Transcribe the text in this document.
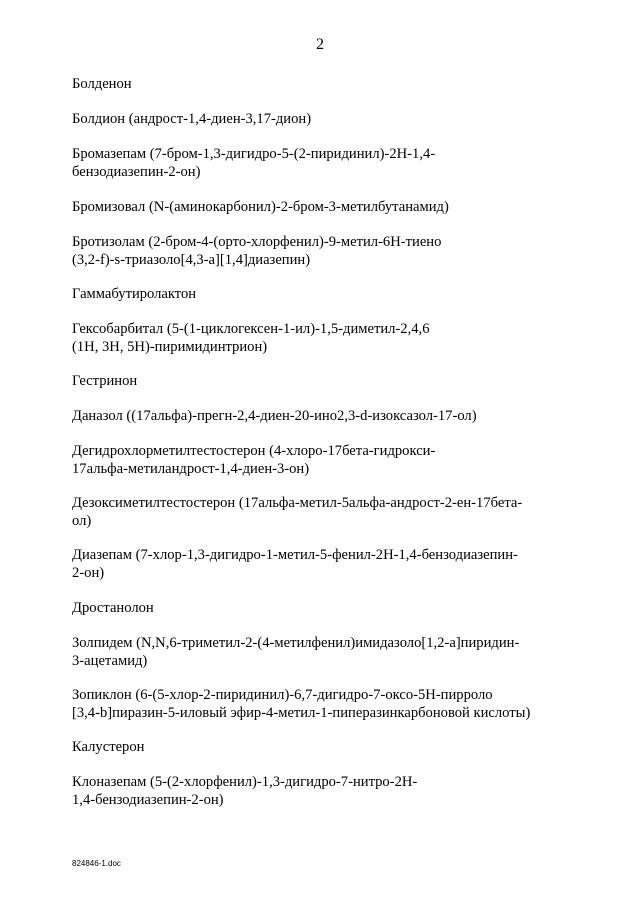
2
Болденон
Болдион (андрост-1,4-диен-3,17-дион)
Бромазепам (7-бром-1,3-дигидро-5-(2-пиридинил)-2H-1,4-
бензодиазепин-2-он)
Бромизовал (N-(аминокарбонил)-2-бром-3-метилбутанамид)
Бротизолам (2-бром-4-(орто-хлорфенил)-9-метил-6Н-тиено
(3,2-f)-s-триазоло[4,3-a][1,4]диазепин)
Гаммабутиролактон
Гексобарбитал (5-(1-циклогексен-1-ил)-1,5-диметил-2,4,6
(1H, 3H, 5H)-пиримидинтрион)
Гестринон
Даназол ((17альфа)-прегн-2,4-диен-20-ино2,3-d-изоксазол-17-ол)
Дегидрохлорметилтестостерон (4-хлоро-17бета-гидрокси-
17альфа-метиландрост-1,4-диен-3-он)
Дезоксиметилтестостерон (17альфа-метил-5альфа-андрост-2-ен-17бета-
ол)
Диазепам (7-хлор-1,3-дигидро-1-метил-5-фенил-2Н-1,4-бензодиазепин-
2-он)
Дростанолон
Золпидем (N,N,6-триметил-2-(4-метилфенил)имидазоло[1,2-а]пиридин-
3-ацетамид)
Зопиклон (6-(5-хлор-2-пиридинил)-6,7-дигидро-7-оксо-5Н-пирроло
[3,4-b]пиразин-5-иловый эфир-4-метил-1-пиперазинкарбоновой кислоты)
Калустерон
Клоназепам (5-(2-хлорфенил)-1,3-дигидро-7-нитро-2Н-
1,4-бензодиазепин-2-он)
824846-1.doc
